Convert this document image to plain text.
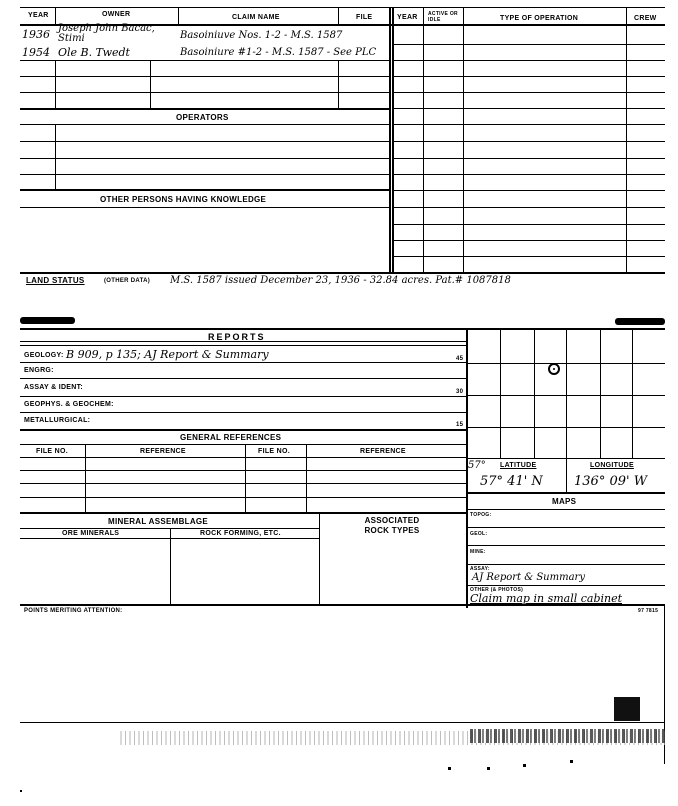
YEAR	OWNER	CLAIM NAME	FILE	YEAR ACTIVE OR IDLE	TYPE OF OPERATION	CREW
1936 Joseph John Bacac, Stimi	Basoiniuve Nos. 1-2 - M.S. 1587
1954 Ole B. Twedt	Basoiniure #1-2 - M.S. 1587 - See PLC
OPERATORS
OTHER PERSONS HAVING KNOWLEDGE
LAND STATUS	(OTHER DATA) M.S. 1587 issued December 23, 1936 - 32.84 acres. Pat.# 1087818
REPORTS
GEOLOGY: B 909, p 135; AJ Report & Summary
ENGRG:
ASSAY & IDENT:
GEOPHYS. & GEOCHEM:
METALLURGICAL:
GENERAL REFERENCES
FILE NO.	REFERENCE	FILE NO.	REFERENCE
MINERAL ASSEMBLAGE
ORE MINERALS	ROCK FORMING, ETC.
ASSOCIATED ROCK TYPES
45
30
15
57° LATITUDE	LONGITUDE
57° 41' N 136° 09' W
MAPS
TOPOG:
GEOL:
MINE:
ASSAY:
AJ Report & Summary
OTHER (& PHOTOS)
Claim map in small cabinet
POINTS MERITING ATTENTION:	97 7815
